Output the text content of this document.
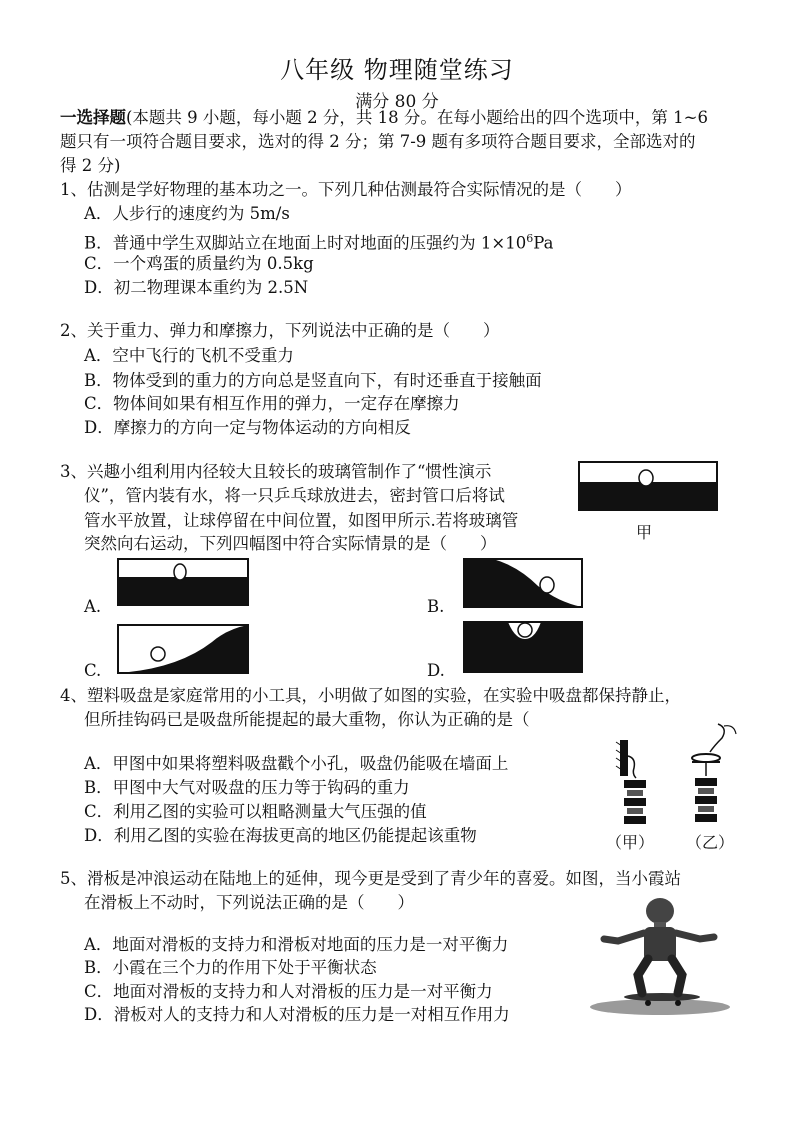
八年级 物理随堂练习
满分 80 分
一选择题(本题共 9 小题，每小题 2 分，共 18 分。在每小题给出的四个选项中，第 1~6
题只有一项符合题目要求，选对的得 2 分；第 7-9 题有多项符合题目要求，全部选对的
得 2 分)
1、估测是学好物理的基本功之一。下列几种估测最符合实际情况的是（　　）
A．人步行的速度约为 5m/s
B．普通中学生双脚站立在地面上时对地面的压强约为 $1\times 10^6Pa$
C．一个鸡蛋的质量约为 0.5kg
D．初二物理课本重约为 2.5N
2、关于重力、弹力和摩擦力，下列说法中正确的是（　　）
A．空中飞行的飞机不受重力
B．物体受到的重力的方向总是竖直向下，有时还垂直于接触面
C．物体间如果有相互作用的弹力，一定存在摩擦力
D．摩擦力的方向一定与物体运动的方向相反
3、兴趣小组利用内径较大且较长的玻璃管制作了“惯性演示
仪”，管内装有水，将一只乒乓球放进去，密封管口后将试
管水平放置，让球停留在中间位置，如图甲所示.若将玻璃管
突然向右运动，下列四幅图中符合实际情景的是（　　）
甲
A.	B.
C.	D.
4、塑料吸盘是家庭常用的小工具，小明做了如图的实验，在实验中吸盘都保持静止，
但所挂钩码已是吸盘所能提起的最大重物，你认为正确的是（
A．甲图中如果将塑料吸盘戳个小孔，吸盘仍能吸在墙面上
B．甲图中大气对吸盘的压力等于钩码的重力
C．利用乙图的实验可以粗略测量大气压强的值
D．利用乙图的实验在海拔更高的地区仍能提起该重物	（甲） （乙）
5、滑板是冲浪运动在陆地上的延伸，现今更是受到了青少年的喜爱。如图，当小霞站
在滑板上不动时，下列说法正确的是（　　）
A．地面对滑板的支持力和滑板对地面的压力是一对平衡力
B．小霞在三个力的作用下处于平衡状态
C．地面对滑板的支持力和人对滑板的压力是一对平衡力
D．滑板对人的支持力和人对滑板的压力是一对相互作用力
